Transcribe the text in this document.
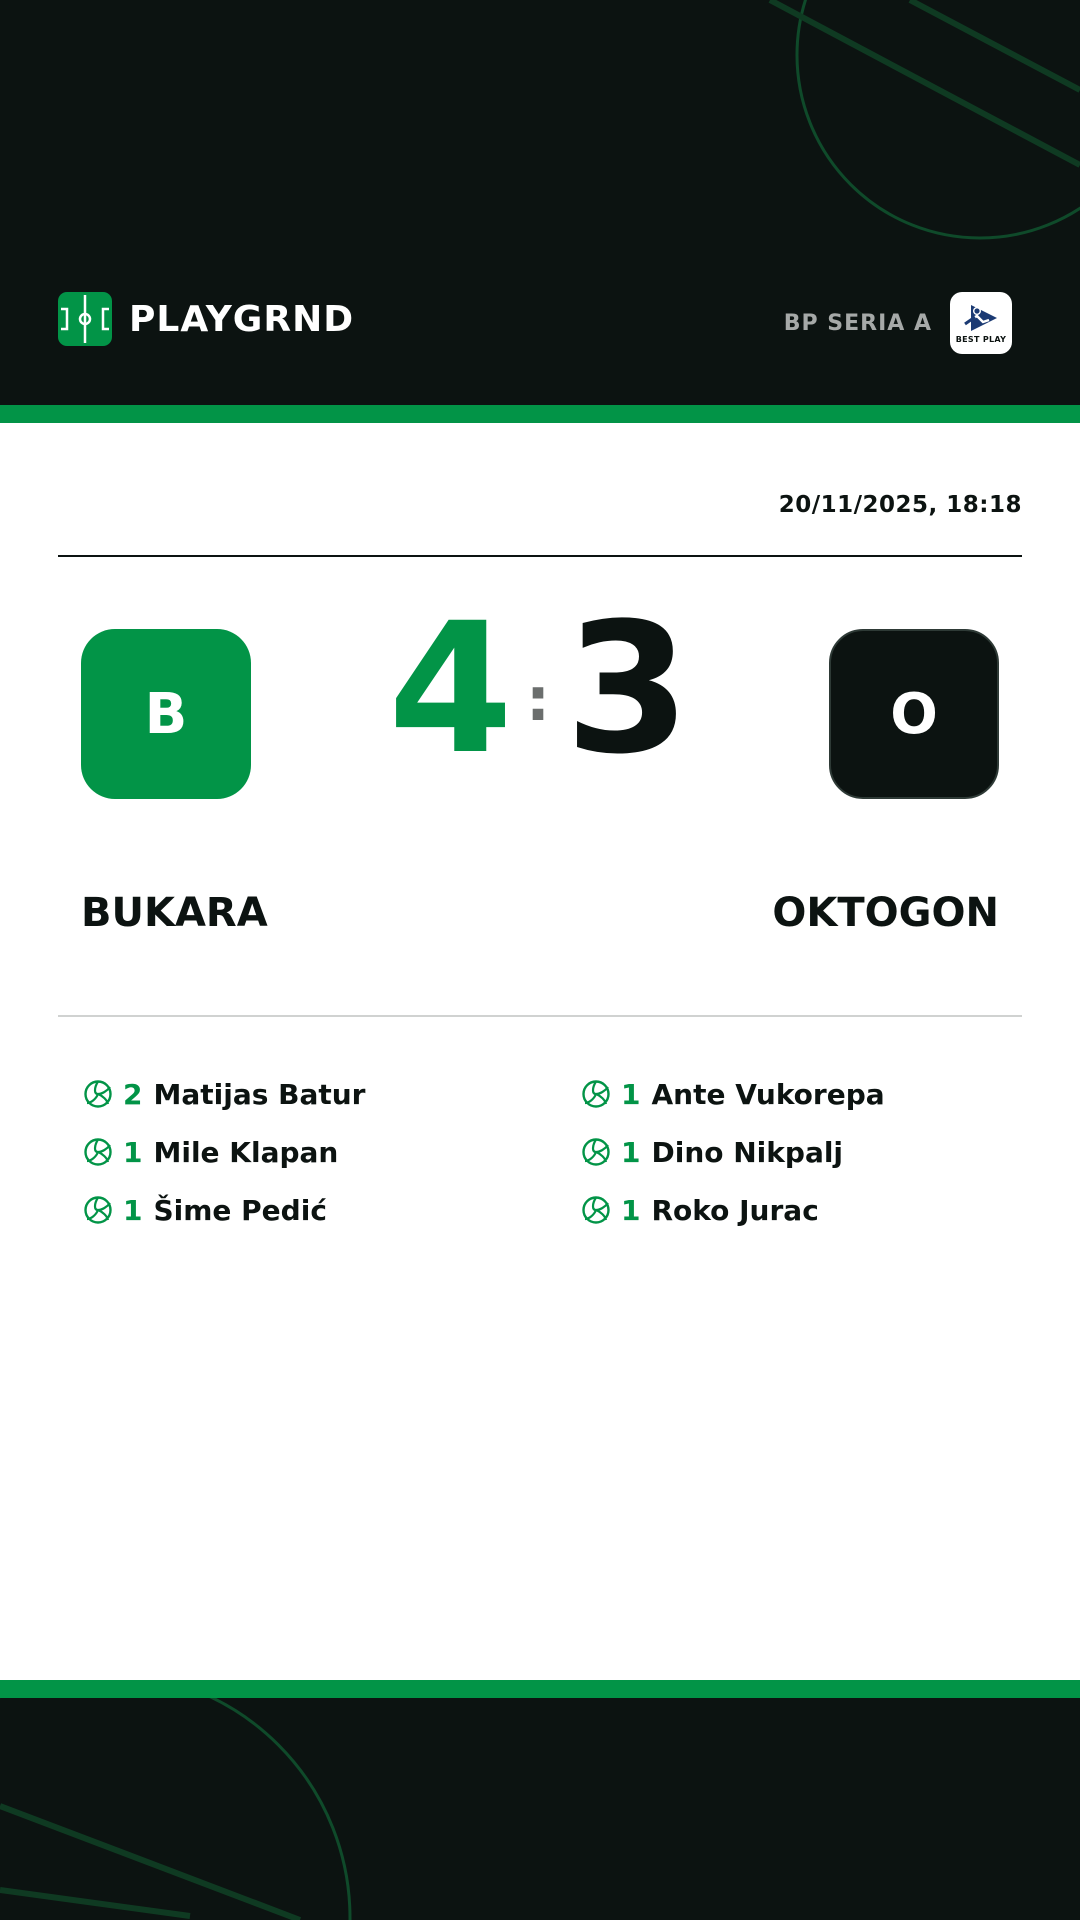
PLAYGRND	BP SERIA A
BEST PLAY
20/11/2025, 18:18
B	O
4 : 3
BUKARA	OKTOGON
2 Matijas Batur
1 Mile Klapan
1 Šime Pedić
1 Ante Vukorepa
1 Dino Nikpalj
1 Roko Jurac
